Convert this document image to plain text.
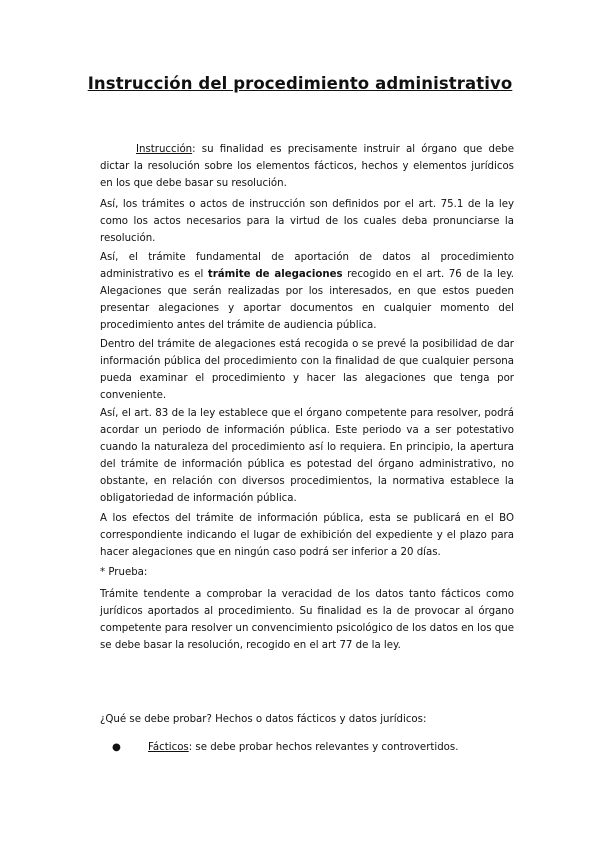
Instrucción del procedimiento administrativo
Instrucción: su finalidad es precisamente instruir al órgano que debe dictar la resolución sobre los elementos fácticos, hechos y elementos jurídicos en los que debe basar su resolución.
Así, los trámites o actos de instrucción son definidos por el art. 75.1 de la ley como los actos necesarios para la virtud de los cuales deba pronunciarse la resolución.
Así, el trámite fundamental de aportación de datos al procedimiento administrativo es el trámite de alegaciones recogido en el art. 76 de la ley. Alegaciones que serán realizadas por los interesados, en que estos pueden presentar alegaciones y aportar documentos en cualquier momento del procedimiento antes del trámite de audiencia pública.
Dentro del trámite de alegaciones está recogida o se prevé la posibilidad de dar información pública del procedimiento con la finalidad de que cualquier persona pueda examinar el procedimiento y hacer las alegaciones que tenga por conveniente.
Así, el art. 83 de la ley establece que el órgano competente para resolver, podrá acordar un periodo de información pública. Este periodo va a ser potestativo cuando la naturaleza del procedimiento así lo requiera. En principio, la apertura del trámite de información pública es potestad del órgano administrativo, no obstante, en relación con diversos procedimientos, la normativa establece la obligatoriedad de información pública.
A los efectos del trámite de información pública, esta se publicará en el BO correspondiente indicando el lugar de exhibición del expediente y el plazo para hacer alegaciones que en ningún caso podrá ser inferior a 20 días.
* Prueba:
Trámite tendente a comprobar la veracidad de los datos tanto fácticos como jurídicos aportados al procedimiento. Su finalidad es la de provocar al órgano competente para resolver un convencimiento psicológico de los datos en los que se debe basar la resolución, recogido en el art 77 de la ley.
¿Qué se debe probar? Hechos o datos fácticos y datos jurídicos:
●	Fácticos: se debe probar hechos relevantes y controvertidos.
